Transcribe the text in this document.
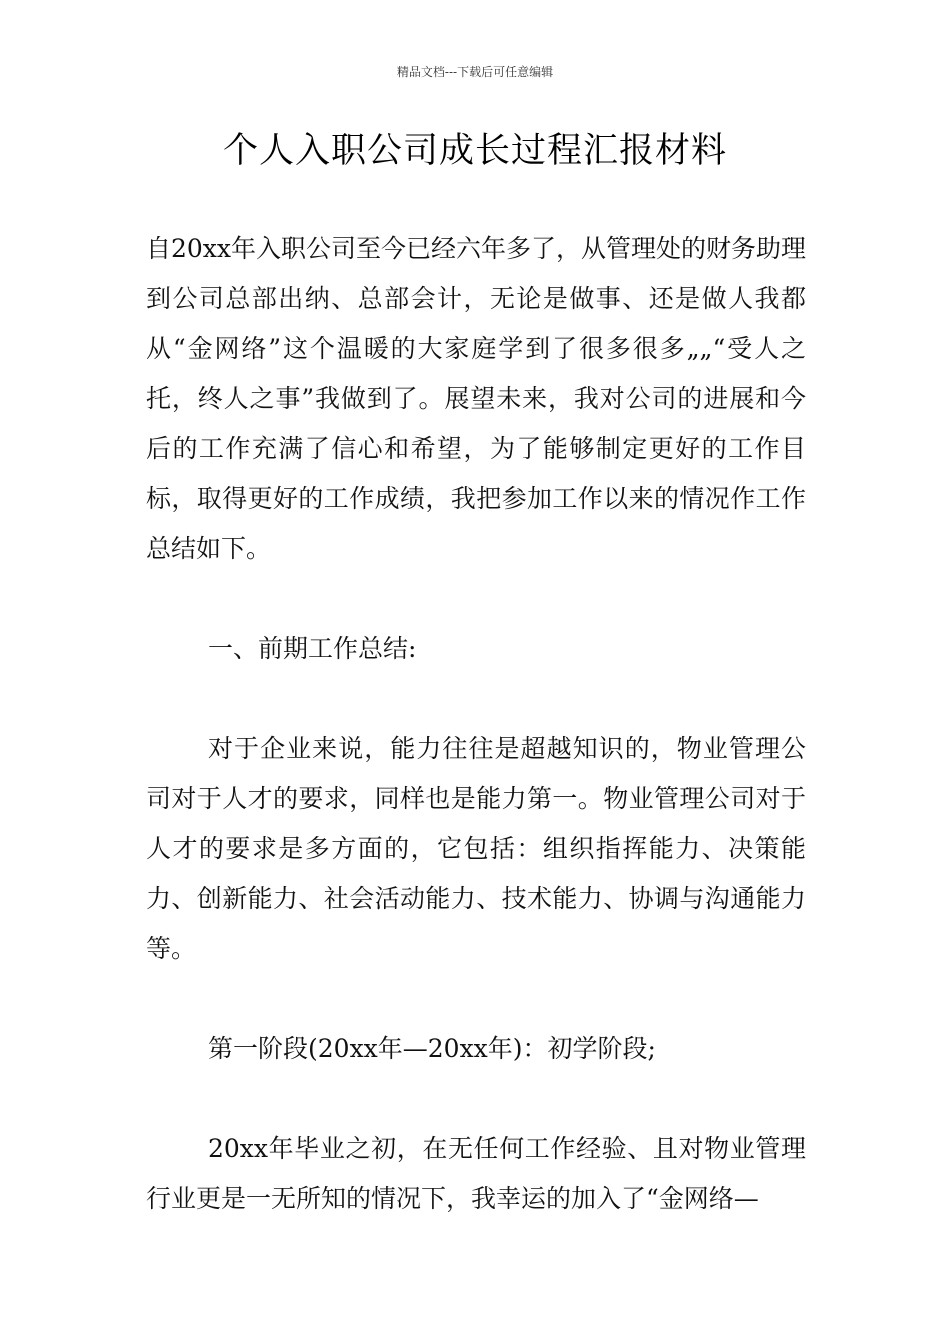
精品文档---下载后可任意编辑
个人入职公司成长过程汇报材料

自20xx年入职公司至今已经六年多了，从管理处的财务助理到公司总部出纳、总部会计，无论是做事、还是做人我都从“金网络”这个温暖的大家庭学到了很多很多„„“受人之托，终人之事”我做到了。展望未来，我对公司的进展和今后的工作充满了信心和希望，为了能够制定更好的工作目标，取得更好的工作成绩，我把参加工作以来的情况作工作总结如下。

一、前期工作总结:

对于企业来说，能力往往是超越知识的，物业管理公司对于人才的要求，同样也是能力第一。物业管理公司对于人才的要求是多方面的，它包括：组织指挥能力、决策能力、创新能力、社会活动能力、技术能力、协调与沟通能力等。

第一阶段(20xx年—20xx年)：初学阶段;

20xx年毕业之初，在无任何工作经验、且对物业管理行业更是一无所知的情况下，我幸运的加入了“金网络—
